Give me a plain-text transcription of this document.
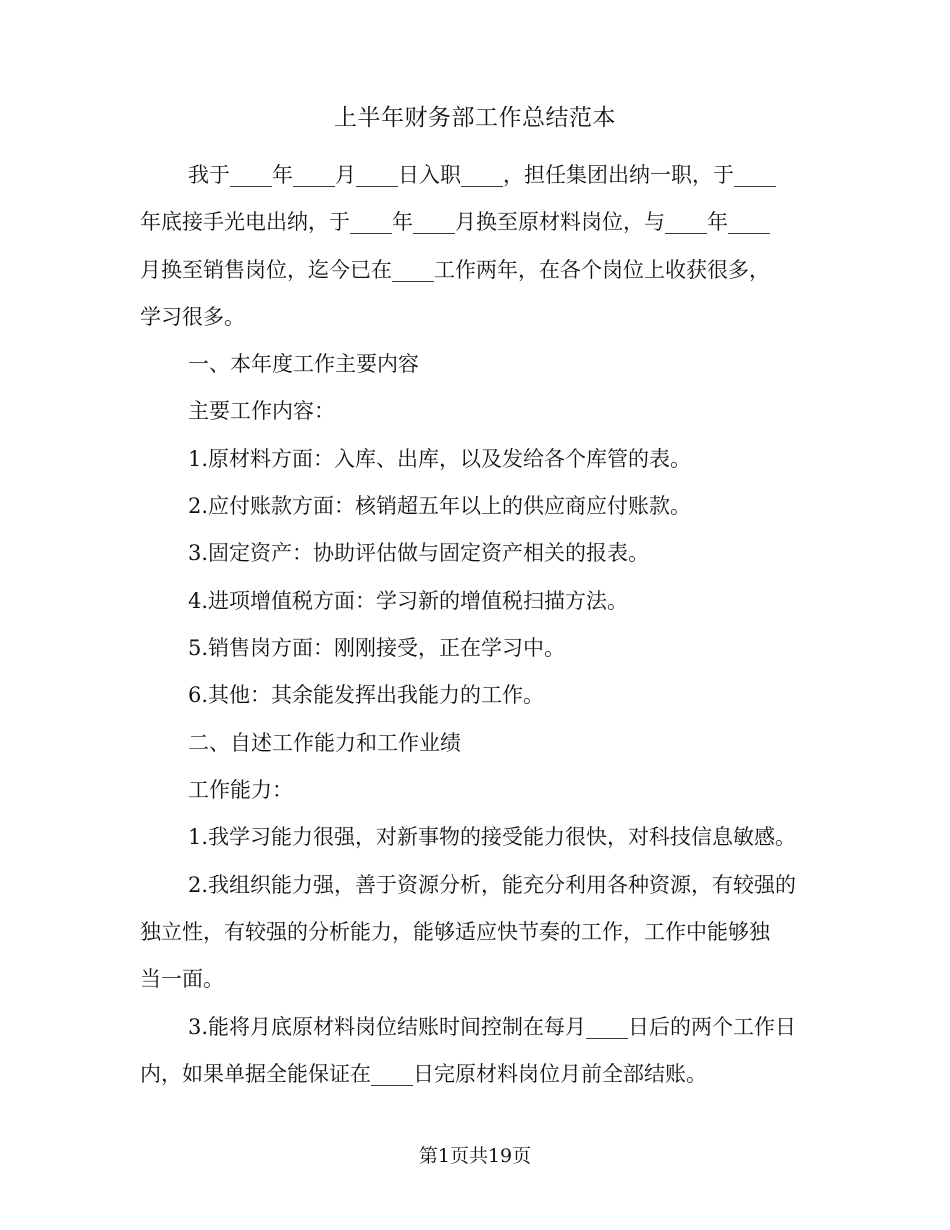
上半年财务部工作总结范本
我于____年____月____日入职____，担任集团出纳一职，于____
年底接手光电出纳，于____年____月换至原材料岗位，与____年____
月换至销售岗位，迄今已在____工作两年，在各个岗位上收获很多，
学习很多。
一、本年度工作主要内容
主要工作内容：
1.原材料方面：入库、出库，以及发给各个库管的表。
2.应付账款方面：核销超五年以上的供应商应付账款。
3.固定资产：协助评估做与固定资产相关的报表。
4.进项增值税方面：学习新的增值税扫描方法。
5.销售岗方面：刚刚接受，正在学习中。
6.其他：其余能发挥出我能力的工作。
二、自述工作能力和工作业绩
工作能力：
1.我学习能力很强，对新事物的接受能力很快，对科技信息敏感。
2.我组织能力强，善于资源分析，能充分利用各种资源，有较强的
独立性，有较强的分析能力，能够适应快节奏的工作，工作中能够独
当一面。
3.能将月底原材料岗位结账时间控制在每月____日后的两个工作日
内，如果单据全能保证在____日完原材料岗位月前全部结账。
第1页共19页
